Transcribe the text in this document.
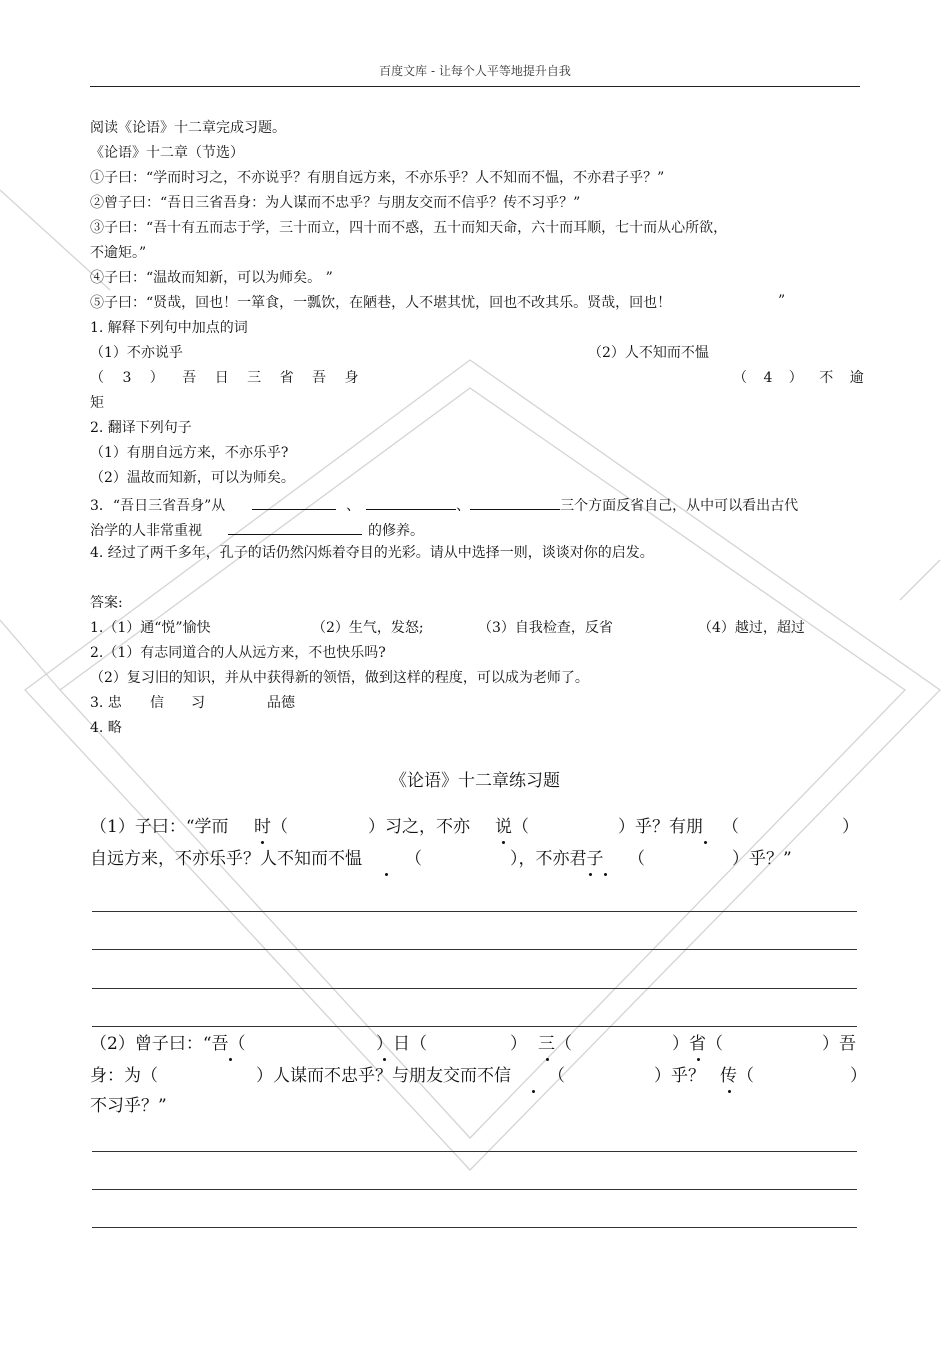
百度文库 - 让每个人平等地提升自我
阅读《论语》十二章完成习题。
《论语》十二章（节选）
①子曰：“学而时习之，不亦说乎？有朋自远方来，不亦乐乎？人不知而不愠，不亦君子乎？”
②曾子曰：“吾日三省吾身：为人谋而不忠乎？与朋友交而不信乎？传不习乎？”
③子曰：“吾十有五而志于学，三十而立，四十而不惑，五十而知天命，六十而耳顺，七十而从心所欲，
不逾矩。”
④子曰：“温故而知新，可以为师矣。 ”
⑤子曰：“贤哉，回也！一箪食，一瓢饮，在陋巷，人不堪其忧，回也不改其乐。贤哉，回也！	”
1. 解释下列句中加点的词
（1）不亦说乎	（2）人不知而不愠
（ 3 ） 吾 日 三 省 吾 身	（ 4 ） 不 逾
矩
2. 翻译下列句子
（1）有朋自远方来，不亦乐乎?
（2）温故而知新，可以为师矣。
3．“吾日三省吾身”从	、	、	三个方面反省自己，从中可以看出古代
治学的人非常重视	的修养。
4. 经过了两千多年，孔子的话仍然闪烁着夺目的光彩。请从中选择一则，谈谈对你的启发。
答案:
1.（1）通“悦”愉快	（2）生气，发怒;	（3）自我检查，反省	（4）越过，超过
2.（1）有志同道合的人从远方来，不也快乐吗?
（2）复习旧的知识，并从中获得新的领悟，做到这样的程度，可以成为老师了。
3. 忠 信 习	品德
4. 略
《论语》十二章练习题
（1）子曰：“学而 时（	）习之，不亦 说（	）乎？有朋 （	）
自远方来，不亦乐乎？人不知而不愠	（	），不亦君子 （	）乎？”
（2）曾子曰：“吾（	）日（	） 三（	）省（	）吾
身：为（	）人谋而不忠乎？与朋友交而不信 （	）乎？ 传（	）
不习乎？”
